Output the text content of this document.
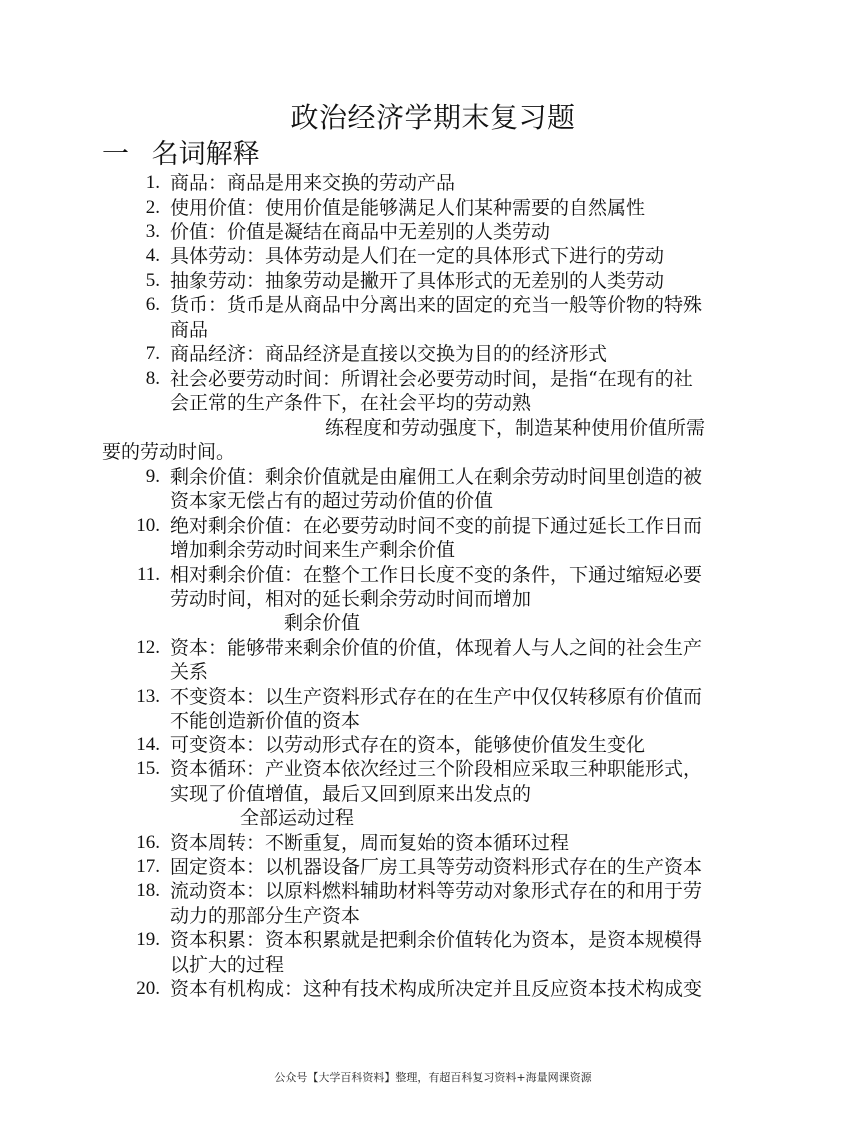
政治经济学期末复习题
一 名词解释
1. 商品：商品是用来交换的劳动产品
2. 使用价值：使用价值是能够满足人们某种需要的自然属性
3. 价值：价值是凝结在商品中无差别的人类劳动
4. 具体劳动：具体劳动是人们在一定的具体形式下进行的劳动
5. 抽象劳动：抽象劳动是撇开了具体形式的无差别的人类劳动
6. 货币：货币是从商品中分离出来的固定的充当一般等价物的特殊
商品
7. 商品经济：商品经济是直接以交换为目的的经济形式
8. 社会必要劳动时间：所谓社会必要劳动时间，是指“在现有的社
会正常的生产条件下，在社会平均的劳动熟
练程度和劳动强度下，制造某种使用价值所需
要的劳动时间。
9. 剩余价值：剩余价值就是由雇佣工人在剩余劳动时间里创造的被
资本家无偿占有的超过劳动价值的价值
10. 绝对剩余价值：在必要劳动时间不变的前提下通过延长工作日而
增加剩余劳动时间来生产剩余价值
11. 相对剩余价值：在整个工作日长度不变的条件，下通过缩短必要
劳动时间，相对的延长剩余劳动时间而增加
剩余价值
12. 资本：能够带来剩余价值的价值，体现着人与人之间的社会生产
关系
13. 不变资本：以生产资料形式存在的在生产中仅仅转移原有价值而
不能创造新价值的资本
14. 可变资本：以劳动形式存在的资本，能够使价值发生变化
15. 资本循环：产业资本依次经过三个阶段相应采取三种职能形式，
实现了价值增值，最后又回到原来出发点的
全部运动过程
16. 资本周转：不断重复，周而复始的资本循环过程
17. 固定资本：以机器设备厂房工具等劳动资料形式存在的生产资本
18. 流动资本：以原料燃料辅助材料等劳动对象形式存在的和用于劳
动力的那部分生产资本
19. 资本积累：资本积累就是把剩余价值转化为资本，是资本规模得
以扩大的过程
20. 资本有机构成：这种有技术构成所决定并且反应资本技术构成变
公众号【大学百科资料】整理，有超百科复习资料+海量网课资源
